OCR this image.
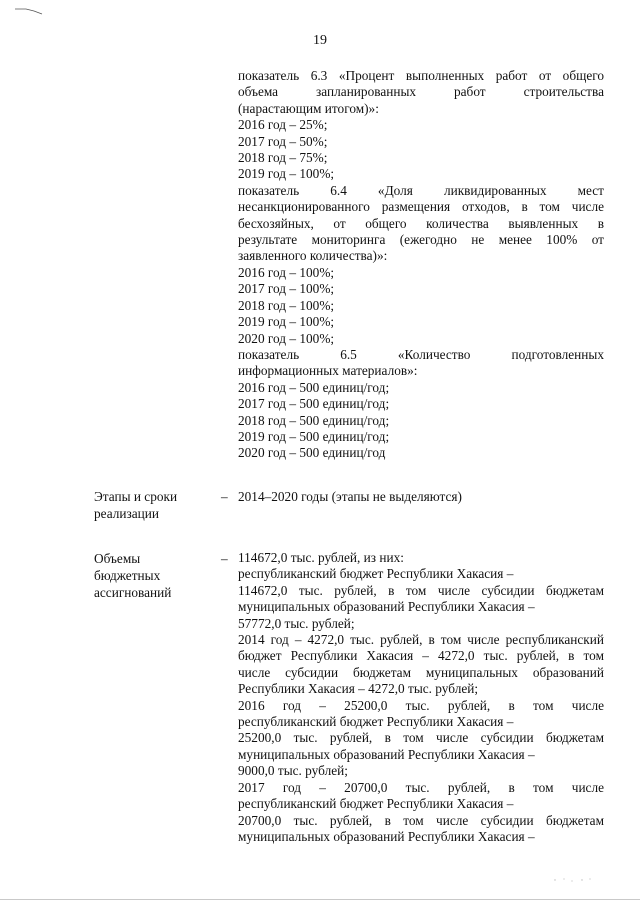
19
показатель 6.3 «Процент выполненных работ от общего
объема запланированных работ строительства
(нарастающим итогом)»:
2016 год – 25%;
2017 год – 50%;
2018 год – 75%;
2019 год – 100%;
показатель 6.4 «Доля ликвидированных мест
несанкционированного размещения отходов, в том числе
бесхозяйных, от общего количества выявленных в
результате мониторинга (ежегодно не менее 100% от
заявленного количества)»:
2016 год – 100%;
2017 год – 100%;
2018 год – 100%;
2019 год – 100%;
2020 год – 100%;
показатель 6.5 «Количество подготовленных
информационных материалов»:
2016 год – 500 единиц/год;
2017 год – 500 единиц/год;
2018 год – 500 единиц/год;
2019 год – 500 единиц/год;
2020 год – 500 единиц/год
Этапы и сроки
реализации
– 2014–2020 годы (этапы не выделяются)
Объемы
бюджетных
ассигнований
– 114672,0 тыс. рублей, из них:
республиканский бюджет Республики Хакасия –
114672,0 тыс. рублей, в том числе субсидии бюджетам
муниципальных образований Республики Хакасия –
57772,0 тыс. рублей;
2014 год – 4272,0 тыс. рублей, в том числе республиканский
бюджет Республики Хакасия – 4272,0 тыс. рублей, в том
числе субсидии бюджетам муниципальных образований
Республики Хакасия – 4272,0 тыс. рублей;
2016 год – 25200,0 тыс. рублей, в том числе
республиканский бюджет Республики Хакасия –
25200,0 тыс. рублей, в том числе субсидии бюджетам
муниципальных образований Республики Хакасия –
9000,0 тыс. рублей;
2017 год – 20700,0 тыс. рублей, в том числе
республиканский бюджет Республики Хакасия –
20700,0 тыс. рублей, в том числе субсидии бюджетам
муниципальных образований Республики Хакасия –
